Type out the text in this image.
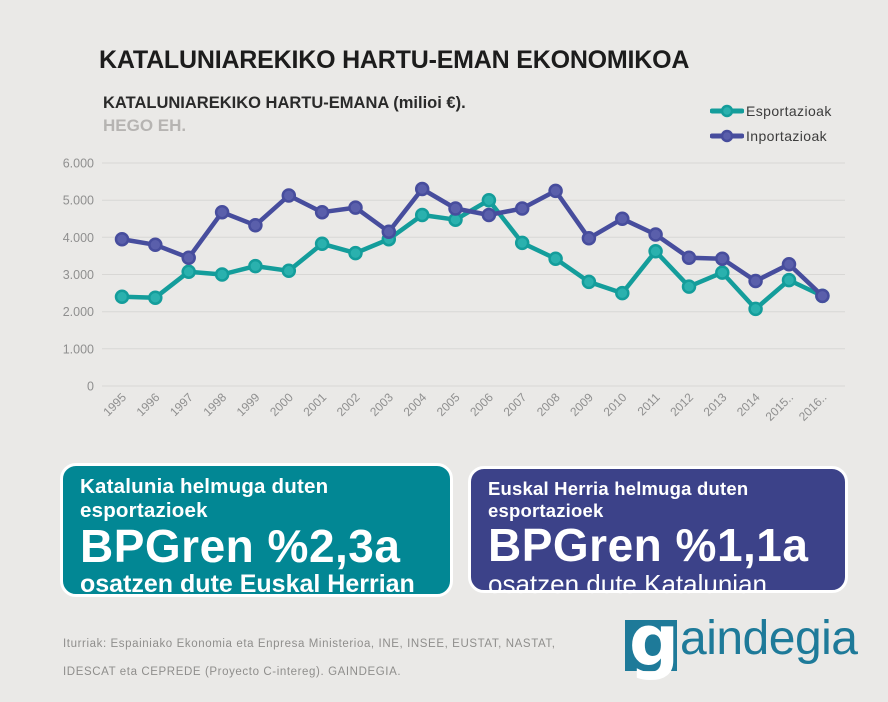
KATALUNIAREKIKO HARTU-EMAN EKONOMIKOA
KATALUNIAREKIKO HARTU-EMANA (milioi €).
HEGO EH.
Esportazioak
Inportazioak
6.000
5.000
4.000
3.000
2.000
1.000
0
1995 1996 1997 1998 1999 2000 2001 2002 2003 2004 2005 2006 2007 2008 2009 2010 2011 2012 2013 2014 2015.. 2016..
Katalunia helmuga duten esportazioek
BPGren %2,3a
osatzen dute Euskal Herrian
Euskal Herria helmuga duten esportazioek
BPGren %1,1a
osatzen dute Katalunian
Iturriak: Espainiako Ekonomia eta Enpresa Ministerioa, INE, INSEE, EUSTAT, NASTAT,
IDESCAT eta CEPREDE (Proyecto C-intereg). GAINDEGIA.	g aindegia
